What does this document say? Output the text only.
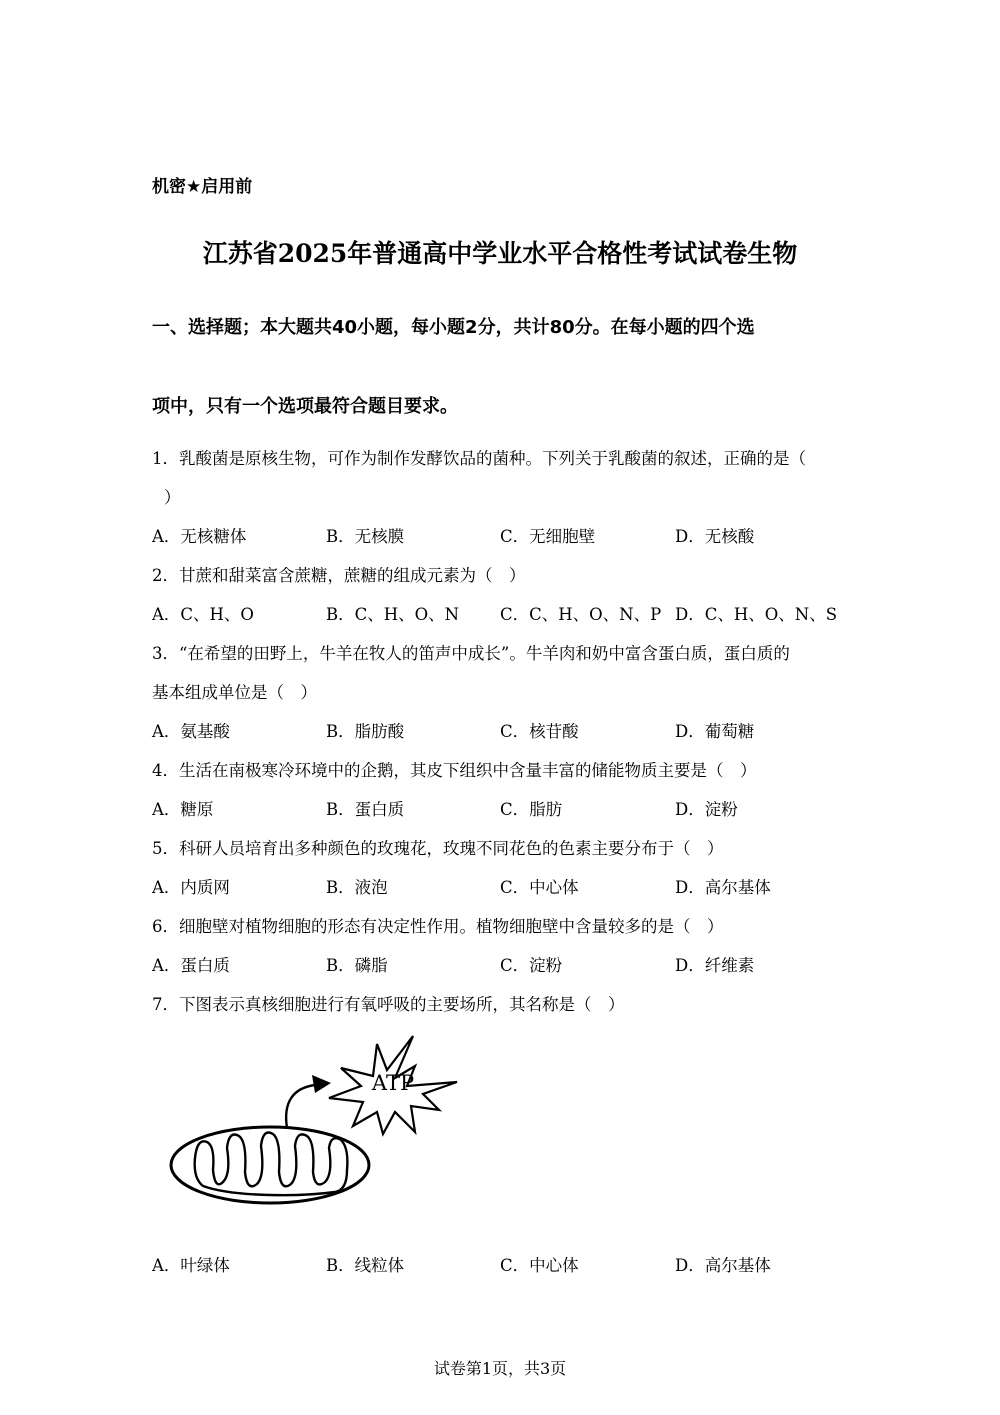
机密★启用前
江苏省2025年普通高中学业水平合格性考试试卷生物
一、选择题；本大题共40小题，每小题2分，共计80分。在每小题的四个选
项中，只有一个选项最符合题目要求。
1．乳酸菌是原核生物，可作为制作发酵饮品的菌种。下列关于乳酸菌的叙述，正确的是（
）
A．无核糖体	B．无核膜	C．无细胞壁	D．无核酸
2．甘蔗和甜菜富含蔗糖，蔗糖的组成元素为（　）
A．C、H、O	B．C、H、O、N C．C、H、O、N、P D．C、H、O、N、S
3．“在希望的田野上，牛羊在牧人的笛声中成长”。牛羊肉和奶中富含蛋白质，蛋白质的
基本组成单位是（　）
A．氨基酸	B．脂肪酸	C．核苷酸	D．葡萄糖
4．生活在南极寒冷环境中的企鹅，其皮下组织中含量丰富的储能物质主要是（　）
A．糖原	B．蛋白质	C．脂肪	D．淀粉
5．科研人员培育出多种颜色的玫瑰花，玫瑰不同花色的色素主要分布于（　）
A．内质网	B．液泡	C．中心体	D．高尔基体
6．细胞壁对植物细胞的形态有决定性作用。植物细胞壁中含量较多的是（　）
A．蛋白质	B．磷脂	C．淀粉	D．纤维素
7．下图表示真核细胞进行有氧呼吸的主要场所，其名称是（　）
ATP
A．叶绿体	B．线粒体	C．中心体	D．高尔基体
试卷第1页，共3页
